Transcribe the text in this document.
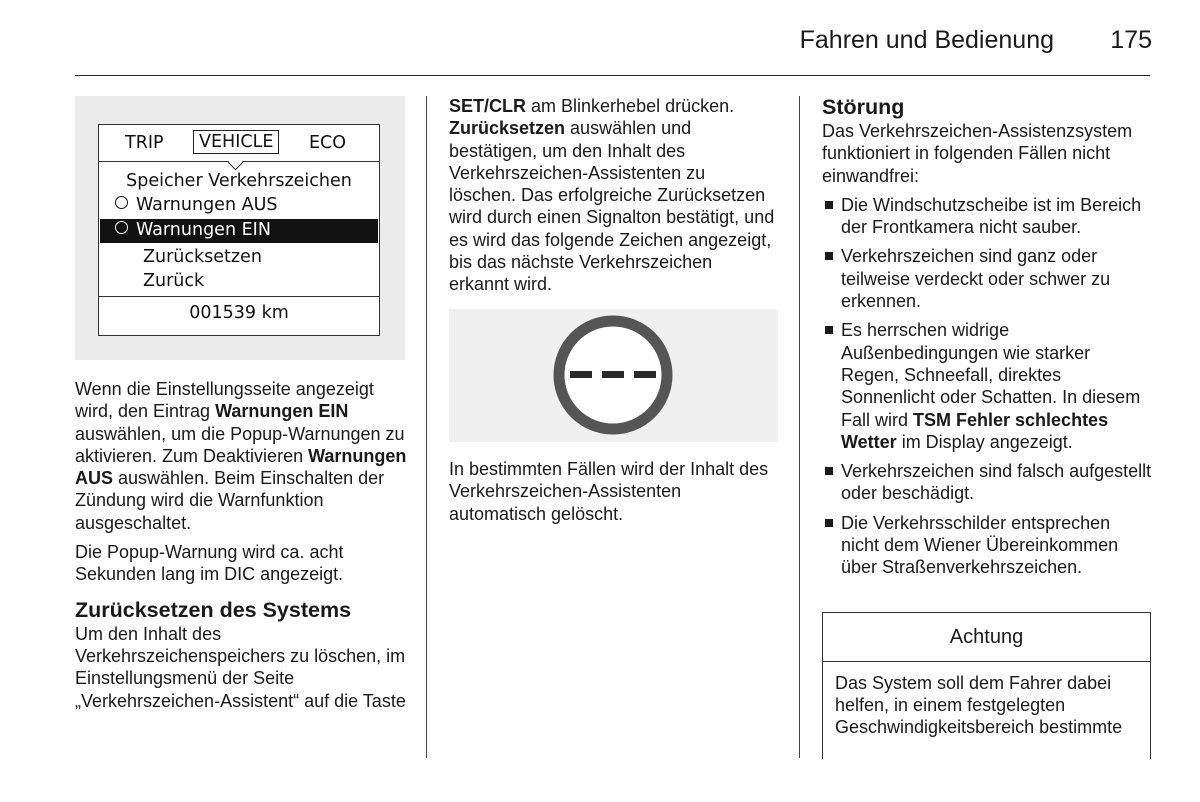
Fahren und Bedienung 175
TRIP	VEHICLE	ECO
Speicher Verkehrszeichen
Warnungen AUS
Warnungen EIN
Zurücksetzen
Zurück
001539 km

Wenn die Einstellungsseite angezeigt wird, den Eintrag Warnungen EIN auswählen, um die Popup-Warnungen zu aktivieren. Zum Deaktivieren Warnungen AUS auswählen. Beim Einschalten der Zündung wird die Warnfunktion ausgeschaltet.

Die Popup-Warnung wird ca. acht Sekunden lang im DIC angezeigt.

Zurücksetzen des Systems

Um den Inhalt des Verkehrszeichenspeichers zu löschen, im Einstellungsmenü der Seite „Verkehrszeichen-Assistent“ auf die Taste

SET/CLR am Blinkerhebel drücken. Zurücksetzen auswählen und bestätigen, um den Inhalt des Verkehrszeichen-Assistenten zu löschen. Das erfolgreiche Zurücksetzen wird durch einen Signalton bestätigt, und es wird das folgende Zeichen angezeigt, bis das nächste Verkehrszeichen erkannt wird.

In bestimmten Fällen wird der Inhalt des Verkehrszeichen-Assistenten automatisch gelöscht.

Störung

Das Verkehrszeichen-Assistenzsystem funktioniert in folgenden Fällen nicht einwandfrei:

Die Windschutzscheibe ist im Bereich der Frontkamera nicht sauber.
Verkehrszeichen sind ganz oder teilweise verdeckt oder schwer zu erkennen.
Es herrschen widrige Außenbedingungen wie starker Regen, Schneefall, direktes Sonnenlicht oder Schatten. In diesem Fall wird TSM Fehler schlechtes Wetter im Display angezeigt.
Verkehrszeichen sind falsch aufgestellt oder beschädigt.
Die Verkehrsschilder entsprechen nicht dem Wiener Übereinkommen über Straßenverkehrszeichen.
Achtung
Das System soll dem Fahrer dabei helfen, in einem festgelegten Geschwindigkeitsbereich bestimmte
